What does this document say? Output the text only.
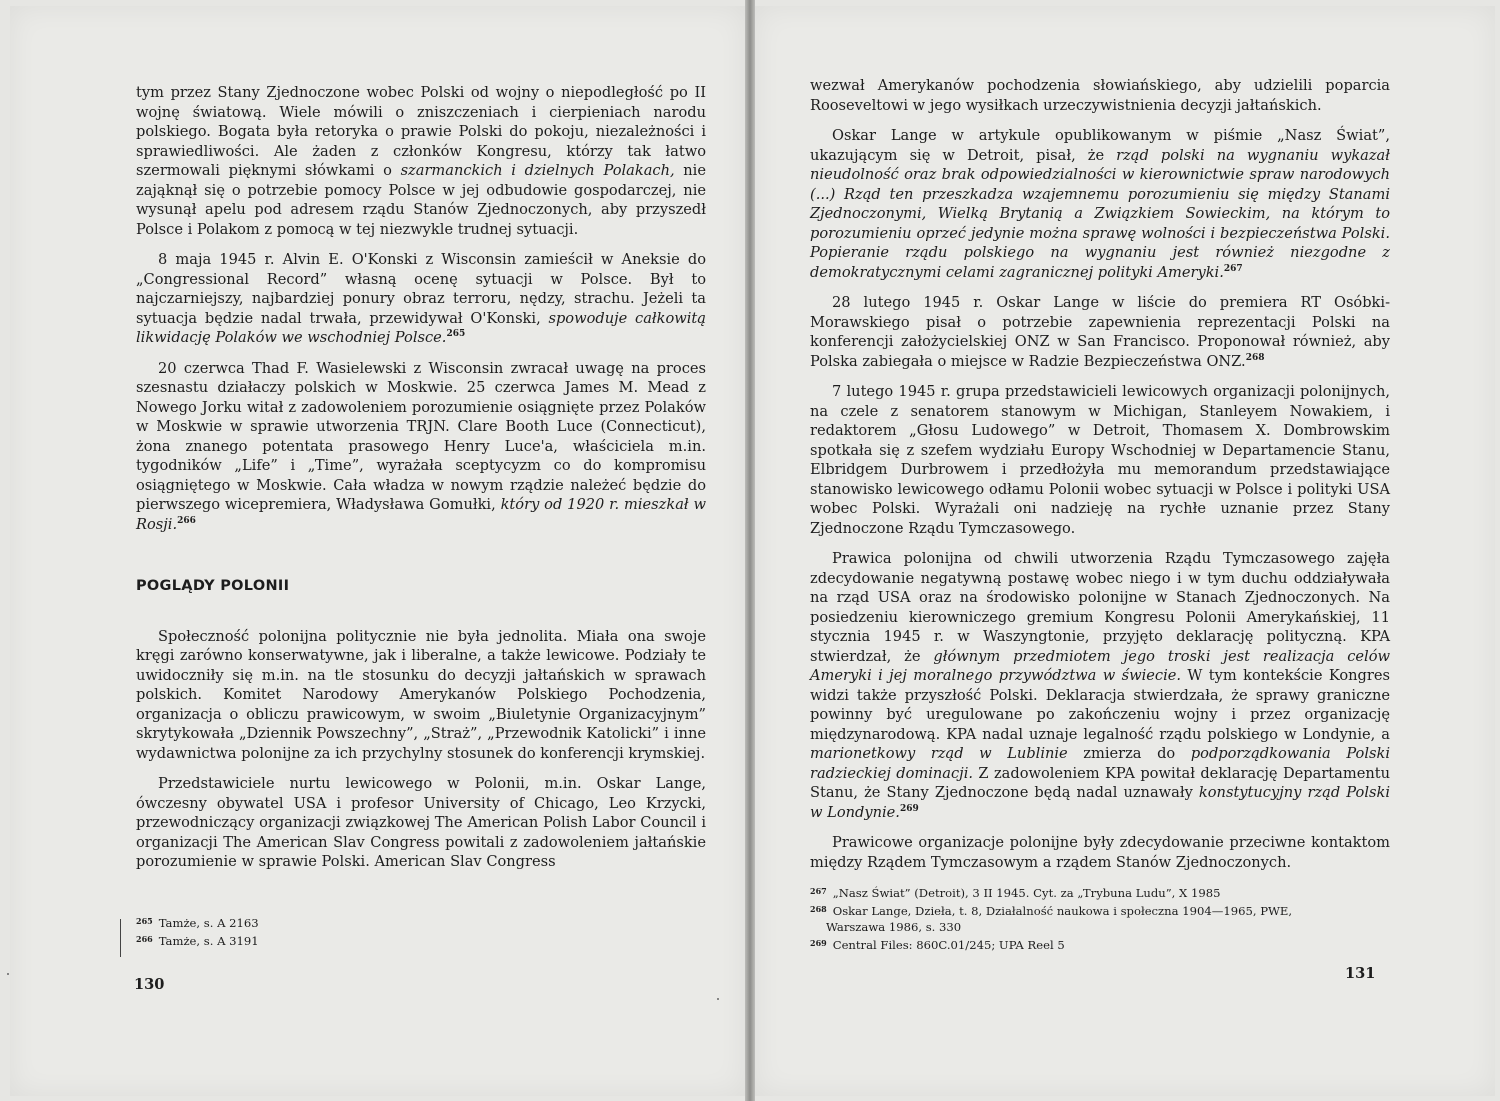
tym przez Stany Zjednoczone wobec Polski od wojny o niepodległość po II wojnę światową. Wiele mówili o zniszczeniach i cierpieniach narodu polskiego. Bogata była retoryka o prawie Polski do pokoju, niezależności i sprawiedliwości. Ale żaden z członków Kongresu, którzy tak łatwo szermowali pięknymi słówkami o szarmanckich i dzielnych Polakach, nie zająknął się o potrzebie pomocy Polsce w jej odbudowie gospodarczej, nie wysunął apelu pod adresem rządu Stanów Zjednoczonych, aby przyszedł Polsce i Polakom z pomocą w tej niezwykle trudnej sytuacji.

8 maja 1945 r. Alvin E. O'Konski z Wisconsin zamieścił w Aneksie do „Congressional Record” własną ocenę sytuacji w Polsce. Był to najczarniejszy, najbardziej ponury obraz terroru, nędzy, strachu. Jeżeli ta sytuacja będzie nadal trwała, przewidywał O'Konski, spowoduje całkowitą likwidację Polaków we wschodniej Polsce.$^{265}$

20 czerwca Thad F. Wasielewski z Wisconsin zwracał uwagę na proces szesnastu działaczy polskich w Moskwie. 25 czerwca James M. Mead z Nowego Jorku witał z zadowoleniem porozumienie osiągnięte przez Polaków w Moskwie w sprawie utworzenia TRJN. Clare Booth Luce (Connecticut), żona znanego potentata prasowego Henry Luce'a, właściciela m.in. tygodników „Life” i „Time”, wyrażała sceptycyzm co do kompromisu osiągniętego w Moskwie. Cała władza w nowym rządzie należeć będzie do pierwszego wicepremiera, Władysława Gomułki, który od 1920 r. mieszkał w Rosji.$^{266}$

POGLĄDY POLONII

Społeczność polonijna politycznie nie była jednolita. Miała ona swoje kręgi zarówno konserwatywne, jak i liberalne, a także lewicowe. Podziały te uwidoczniły się m.in. na tle stosunku do decyzji jałtańskich w sprawach polskich. Komitet Narodowy Amerykanów Polskiego Pochodzenia, organizacja o obliczu prawicowym, w swoim „Biuletynie Organizacyjnym” skrytykowała „Dziennik Powszechny”, „Straż”, „Przewodnik Katolicki” i inne wydawnictwa polonijne za ich przychylny stosunek do konferencji krymskiej.

Przedstawiciele nurtu lewicowego w Polonii, m.in. Oskar Lange, ówczesny obywatel USA i profesor University of Chicago, Leo Krzycki, przewodniczący organizacji związkowej The American Polish Labor Council i organizacji The American Slav Congress powitali z zadowoleniem jałtańskie porozumienie w sprawie Polski. American Slav Congress

$^{265}$ Tamże, s. A 2163
$^{266}$ Tamże, s. A 3191
130

wezwał Amerykanów pochodzenia słowiańskiego, aby udzielili poparcia Rooseveltowi w jego wysiłkach urzeczywistnienia decyzji jałtańskich.

Oskar Lange w artykule opublikowanym w piśmie „Nasz Świat”, ukazującym się w Detroit, pisał, że rząd polski na wygnaniu wykazał nieudolność oraz brak odpowiedzialności w kierownictwie spraw narodowych (...) Rząd ten przeszkadza wzajemnemu porozumieniu się między Stanami Zjednoczonymi, Wielką Brytanią a Związkiem Sowieckim, na którym to porozumieniu oprzeć jedynie można sprawę wolności i bezpieczeństwa Polski. Popieranie rządu polskiego na wygnaniu jest również niezgodne z demokratycznymi celami zagranicznej polityki Ameryki.$^{267}$

28 lutego 1945 r. Oskar Lange w liście do premiera RT Osóbki-Morawskiego pisał o potrzebie zapewnienia reprezentacji Polski na konferencji założycielskiej ONZ w San Francisco. Proponował również, aby Polska zabiegała o miejsce w Radzie Bezpieczeństwa ONZ.$^{268}$

7 lutego 1945 r. grupa przedstawicieli lewicowych organizacji polonijnych, na czele z senatorem stanowym w Michigan, Stanleyem Nowakiem, i redaktorem „Głosu Ludowego” w Detroit, Thomasem X. Dombrowskim spotkała się z szefem wydziału Europy Wschodniej w Departamencie Stanu, Elbridgem Durbrowem i przedłożyła mu memorandum przedstawiające stanowisko lewicowego odłamu Polonii wobec sytuacji w Polsce i polityki USA wobec Polski. Wyrażali oni nadzieję na rychłe uznanie przez Stany Zjednoczone Rządu Tymczasowego.

Prawica polonijna od chwili utworzenia Rządu Tymczasowego zajęła zdecydowanie negatywną postawę wobec niego i w tym duchu oddziaływała na rząd USA oraz na środowisko polonijne w Stanach Zjednoczonych. Na posiedzeniu kierowniczego gremium Kongresu Polonii Amerykańskiej, 11 stycznia 1945 r. w Waszyngtonie, przyjęto deklarację polityczną. KPA stwierdzał, że głównym przedmiotem jego troski jest realizacja celów Ameryki i jej moralnego przywództwa w świecie. W tym kontekście Kongres widzi także przyszłość Polski. Deklaracja stwierdzała, że sprawy graniczne powinny być uregulowane po zakończeniu wojny i przez organizację międzynarodową. KPA nadal uznaje legalność rządu polskiego w Londynie, a marionetkowy rząd w Lublinie zmierza do podporządkowania Polski radzieckiej dominacji. Z zadowoleniem KPA powitał deklarację Departamentu Stanu, że Stany Zjednoczone będą nadal uznawały konstytucyjny rząd Polski w Londynie.$^{269}$

Prawicowe organizacje polonijne były zdecydowanie przeciwne kontaktom między Rządem Tymczasowym a rządem Stanów Zjednoczonych.

$^{267}$ „Nasz Świat” (Detroit), 3 II 1945. Cyt. za „Trybuna Ludu”, X 1985
$^{268}$ Oskar Lange, Dzieła, t. 8, Działalność naukowa i społeczna 1904—1965, PWE,
Warszawa 1986, s. 330
$^{269}$ Central Files: 860C.01/245; UPA Reel 5
131
